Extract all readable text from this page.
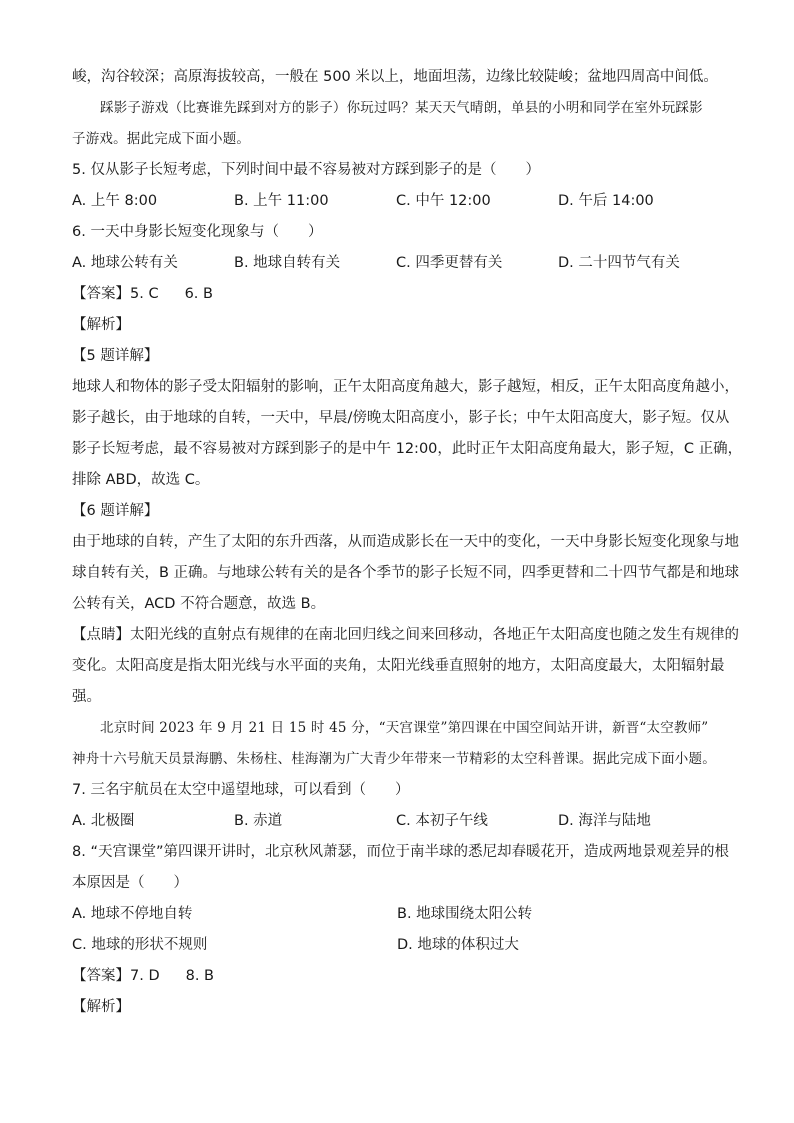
峻，沟谷较深；高原海拔较高，一般在 500 米以上，地面坦荡，边缘比较陡峻；盆地四周高中间低。
踩影子游戏（比赛谁先踩到对方的影子）你玩过吗？某天天气晴朗，单县的小明和同学在室外玩踩影
子游戏。据此完成下面小题。
5. 仅从影子长短考虑，下列时间中最不容易被对方踩到影子的是（　　）
A. 上午 8:00	B. 上午 11:00	C. 中午 12:00	D. 午后 14:00
6. 一天中身影长短变化现象与（　　）
A. 地球公转有关	B. 地球自转有关	C. 四季更替有关	D. 二十四节气有关
【答案】5. C 6. B
【解析】
【5 题详解】
地球人和物体的影子受太阳辐射的影响，正午太阳高度角越大，影子越短，相反，正午太阳高度角越小，
影子越长，由于地球的自转，一天中，早晨/傍晚太阳高度小，影子长；中午太阳高度大，影子短。仅从
影子长短考虑，最不容易被对方踩到影子的是中午 12:00，此时正午太阳高度角最大，影子短，C 正确，
排除 ABD，故选 C。
【6 题详解】
由于地球的自转，产生了太阳的东升西落，从而造成影长在一天中的变化，一天中身影长短变化现象与地
球自转有关，B 正确。与地球公转有关的是各个季节的影子长短不同，四季更替和二十四节气都是和地球
公转有关，ACD 不符合题意，故选 B。
【点睛】太阳光线的直射点有规律的在南北回归线之间来回移动，各地正午太阳高度也随之发生有规律的
变化。太阳高度是指太阳光线与水平面的夹角，太阳光线垂直照射的地方，太阳高度最大，太阳辐射最
强。
北京时间 2023 年 9 月 21 日 15 时 45 分，“天宫课堂”第四课在中国空间站开讲，新晋“太空教师”
神舟十六号航天员景海鹏、朱杨柱、桂海潮为广大青少年带来一节精彩的太空科普课。据此完成下面小题。
7. 三名宇航员在太空中遥望地球，可以看到（　　）
A. 北极圈	B. 赤道	C. 本初子午线	D. 海洋与陆地
8. “天宫课堂”第四课开讲时，北京秋风萧瑟，而位于南半球的悉尼却春暖花开，造成两地景观差异的根
本原因是（　　）
A. 地球不停地自转	B. 地球围绕太阳公转
C. 地球的形状不规则	D. 地球的体积过大
【答案】7. D 8. B
【解析】
